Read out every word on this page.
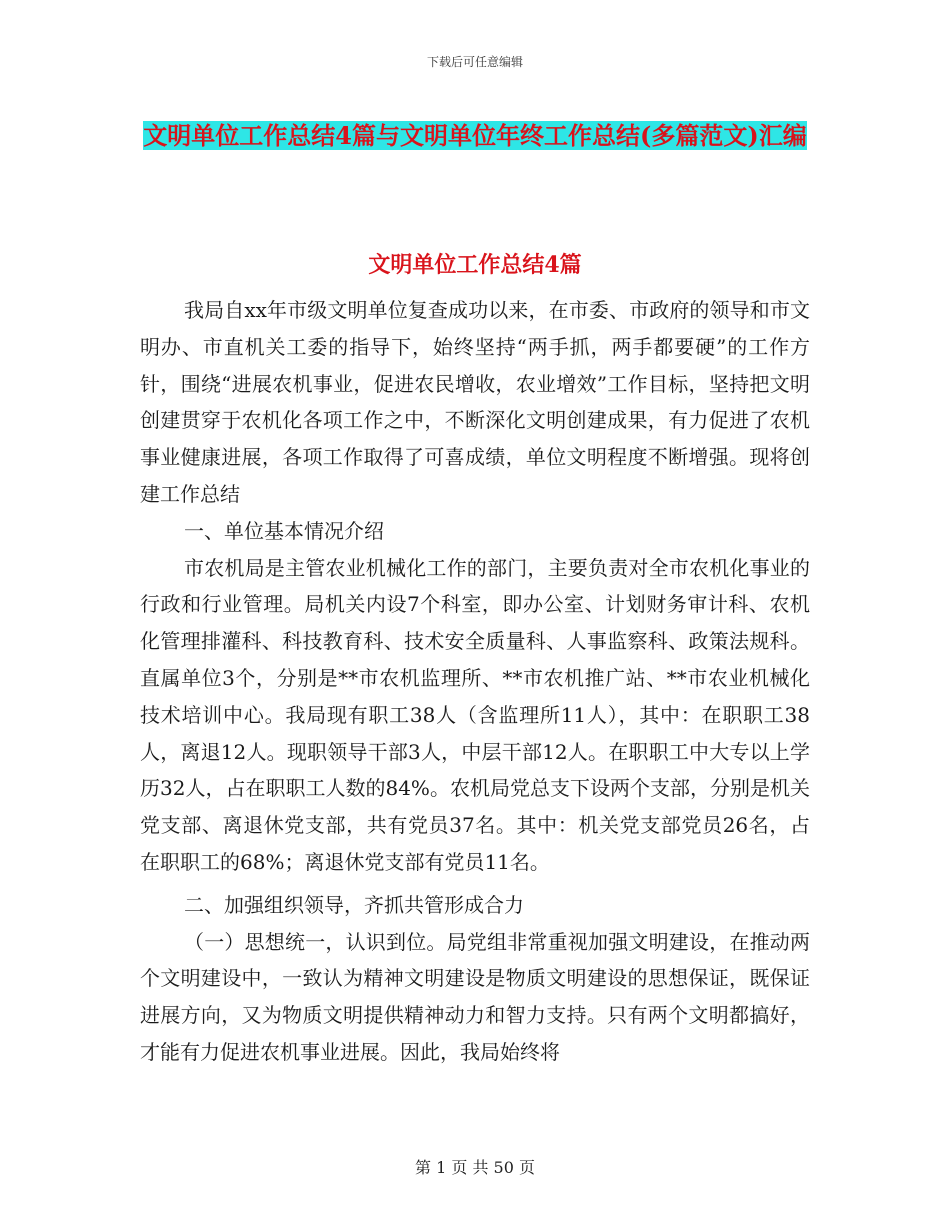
下载后可任意编辑
文明单位工作总结4篇与文明单位年终工作总结(多篇范文)汇编
文明单位工作总结4篇

我局自xx年市级文明单位复查成功以来，在市委、市政府的领导和市文明办、市直机关工委的指导下，始终坚持“两手抓，两手都要硬”的工作方针，围绕“进展农机事业，促进农民增收，农业增效”工作目标，坚持把文明创建贯穿于农机化各项工作之中，不断深化文明创建成果，有力促进了农机事业健康进展，各项工作取得了可喜成绩，单位文明程度不断增强。现将创建工作总结

一、单位基本情况介绍

市农机局是主管农业机械化工作的部门，主要负责对全市农机化事业的行政和行业管理。局机关内设7个科室，即办公室、计划财务审计科、农机化管理排灌科、科技教育科、技术安全质量科、人事监察科、政策法规科。直属单位3个，分别是**市农机监理所、**市农机推广站、**市农业机械化技术培训中心。我局现有职工38人（含监理所11人），其中：在职职工38人，离退12人。现职领导干部3人，中层干部12人。在职职工中大专以上学历32人，占在职职工人数的84%。农机局党总支下设两个支部，分别是机关党支部、离退休党支部，共有党员37名。其中：机关党支部党员26名，占在职职工的68%；离退休党支部有党员11名。

二、加强组织领导，齐抓共管形成合力

（一）思想统一，认识到位。局党组非常重视加强文明建设，在推动两个文明建设中，一致认为精神文明建设是物质文明建设的思想保证，既保证进展方向，又为物质文明提供精神动力和智力支持。只有两个文明都搞好，才能有力促进农机事业进展。因此，我局始终将

第 1 页 共 50 页
